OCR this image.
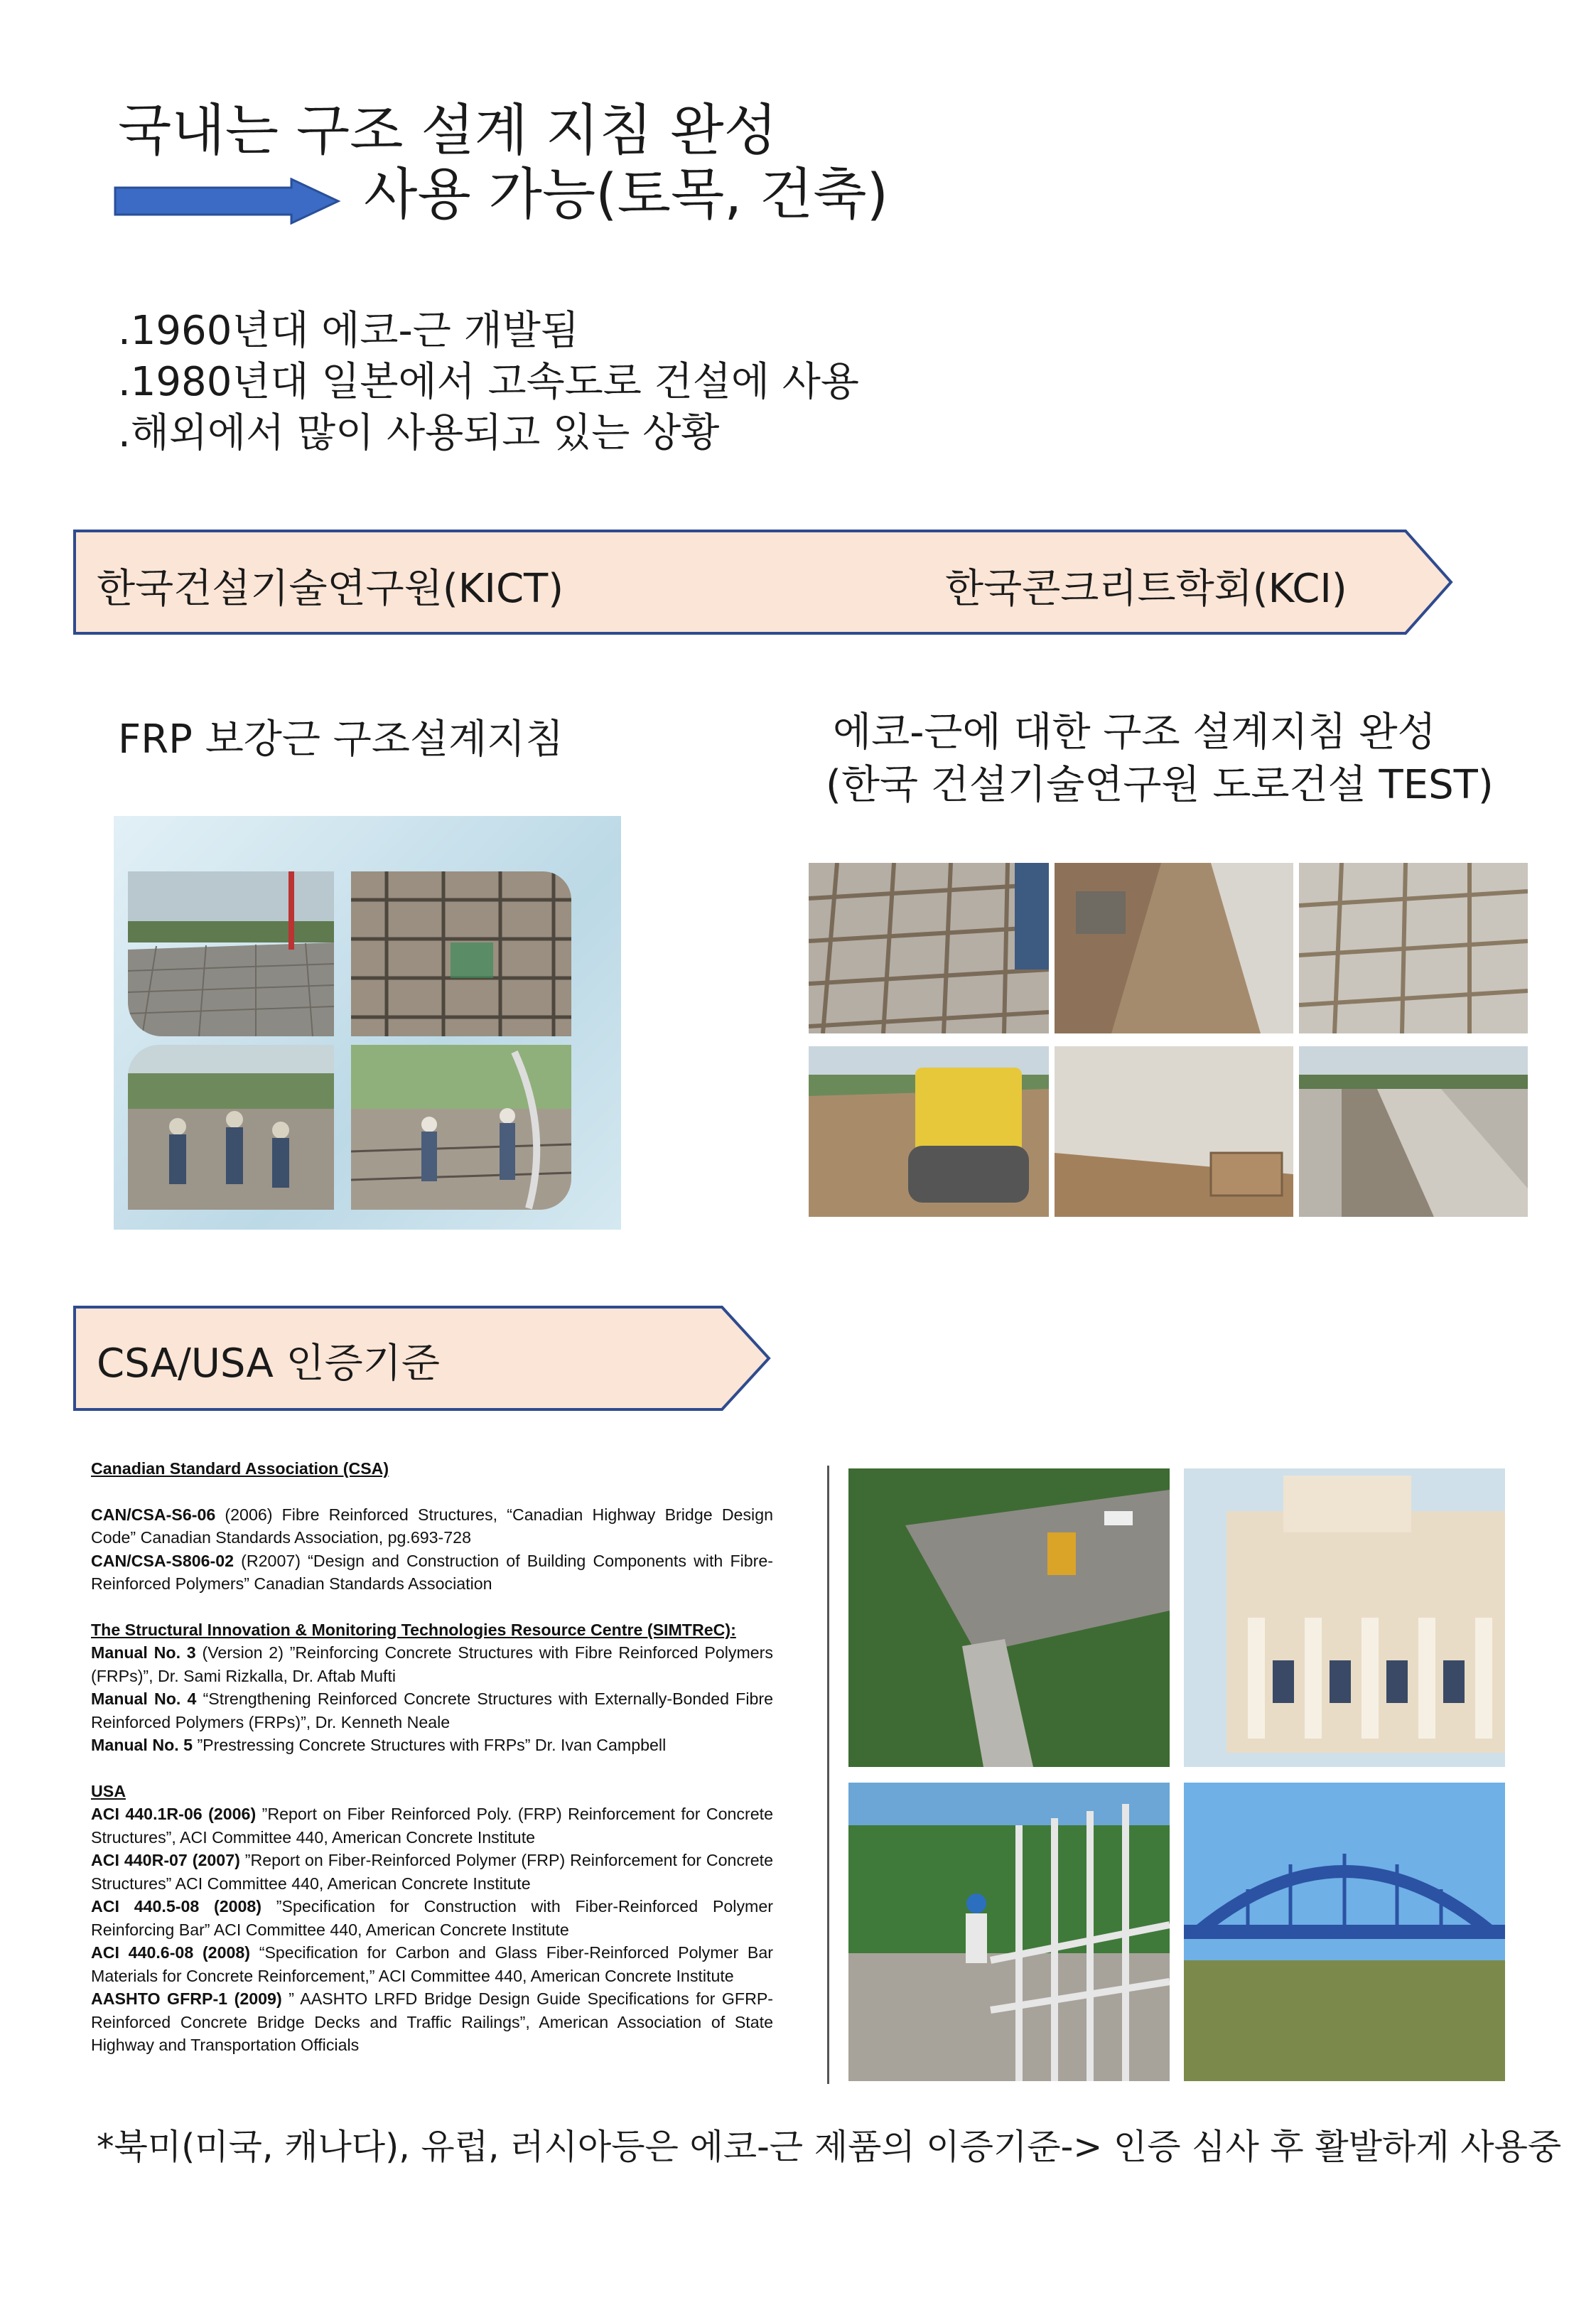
국내는 구조 설계 지침 완성
사용 가능(토목, 건축)
.1960년대 에코-근 개발됨
.1980년대 일본에서 고속도로 건설에 사용
.해외에서 많이 사용되고 있는 상황
한국건설기술연구원(KICT)	한국콘크리트학회(KCI)
FRP 보강근 구조설계지침	에코-근에 대한 구조 설계지침 완성
(한국 건설기술연구원 도로건설 TEST)
CSA/USA 인증기준
Canadian Standard Association (CSA)

CAN/CSA-S6-06 (2006) Fibre Reinforced Structures, “Canadian Highway Bridge Design Code” Canadian Standards Association, pg.693-728

CAN/CSA-S806-02 (R2007) “Design and Construction of Building Components with Fibre-Reinforced Polymers” Canadian Standards Association

The Structural Innovation & Monitoring Technologies Resource Centre (SIMTReC):

Manual No. 3 (Version 2) ”Reinforcing Concrete Structures with Fibre Reinforced Polymers (FRPs)”, Dr. Sami Rizkalla, Dr. Aftab Mufti

Manual No. 4 “Strengthening Reinforced Concrete Structures with Externally-Bonded Fibre Reinforced Polymers (FRPs)”, Dr. Kenneth Neale

Manual No. 5 ”Prestressing Concrete Structures with FRPs” Dr. Ivan Campbell

USA

ACI 440.1R-06 (2006) ”Report on Fiber Reinforced Poly. (FRP) Reinforcement for Concrete Structures”, ACI Committee 440, American Concrete Institute

ACI 440R-07 (2007) ”Report on Fiber-Reinforced Polymer (FRP) Reinforcement for Concrete Structures” ACI Committee 440, American Concrete Institute

ACI 440.5-08 (2008) ”Specification for Construction with Fiber-Reinforced Polymer Reinforcing Bar” ACI Committee 440, American Concrete Institute

ACI 440.6-08 (2008) “Specification for Carbon and Glass Fiber-Reinforced Polymer Bar Materials for Concrete Reinforcement,” ACI Committee 440, American Concrete Institute

AASHTO GFRP-1 (2009) ” AASHTO LRFD Bridge Design Guide Specifications for GFRP-Reinforced Concrete Bridge Decks and Traffic Railings”, American Association of State Highway and Transportation Officials

*북미(미국, 캐나다), 유럽, 러시아등은 에코-근 제품의 이증기준-> 인증 심사 후 활발하게 사용중
